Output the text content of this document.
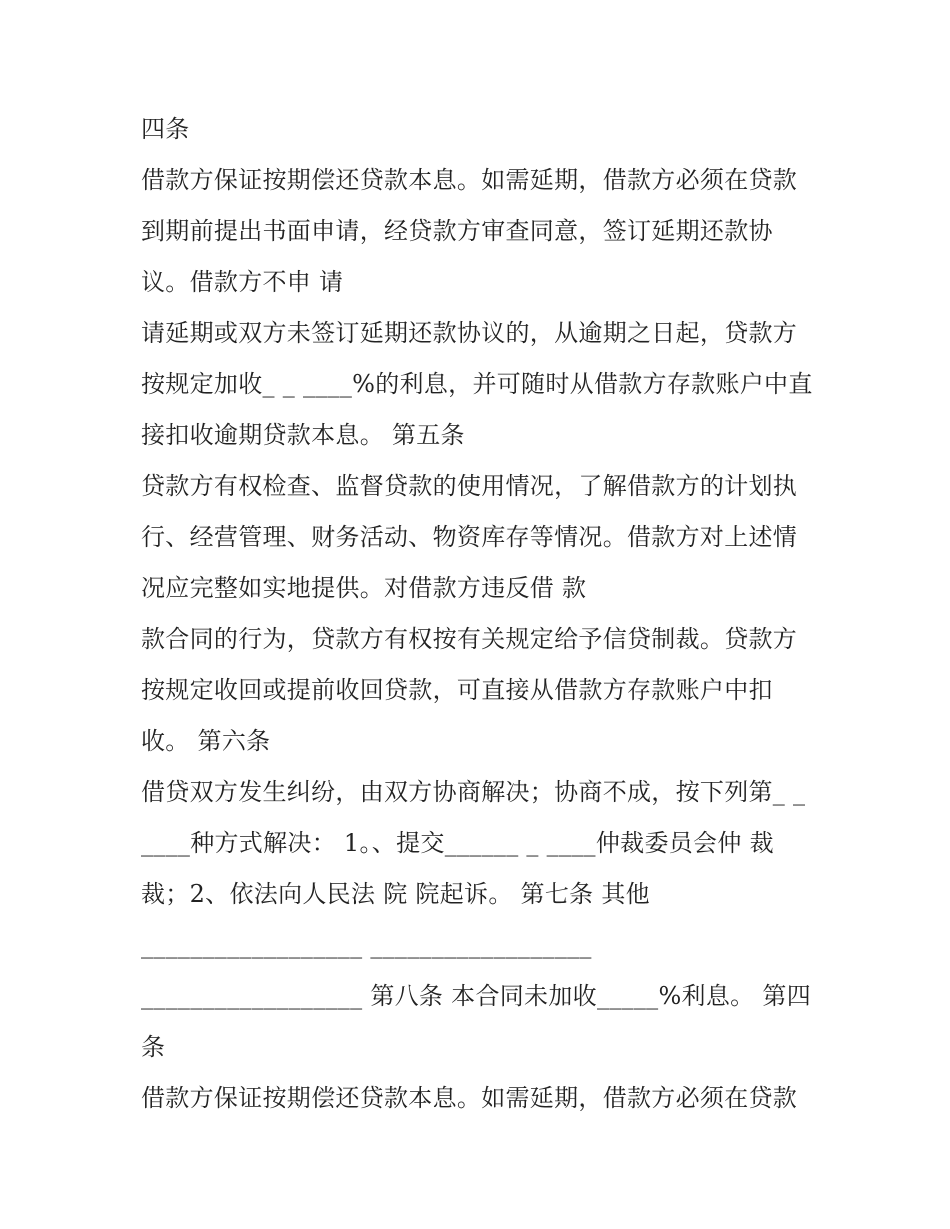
四条
借款方保证按期偿还贷款本息。如需延期，借款方必须在贷款
到期前提出书面申请，经贷款方审查同意，签订延期还款协
议。借款方不申 请
请延期或双方未签订延期还款协议的，从逾期之日起，贷款方
按规定加收_ _ ____%的利息，并可随时从借款方存款账户中直
接扣收逾期贷款本息。 第五条
贷款方有权检查、监督贷款的使用情况，了解借款方的计划执
行、经营管理、财务活动、物资库存等情况。借款方对上述情
况应完整如实地提供。对借款方违反借 款
款合同的行为，贷款方有权按有关规定给予信贷制裁。贷款方
按规定收回或提前收回贷款，可直接从借款方存款账户中扣
收。 第六条
借贷双方发生纠纷，由双方协商解决；协商不成，按下列第_ _
____种方式解决： 1。、提交______ _ ____仲裁委员会仲 裁
裁；2、依法向人民法 院 院起诉。 第七条 其他
__________________ __________________
__________________ 第八条 本合同未加收_____%利息。 第四
条
借款方保证按期偿还贷款本息。如需延期，借款方必须在贷款
